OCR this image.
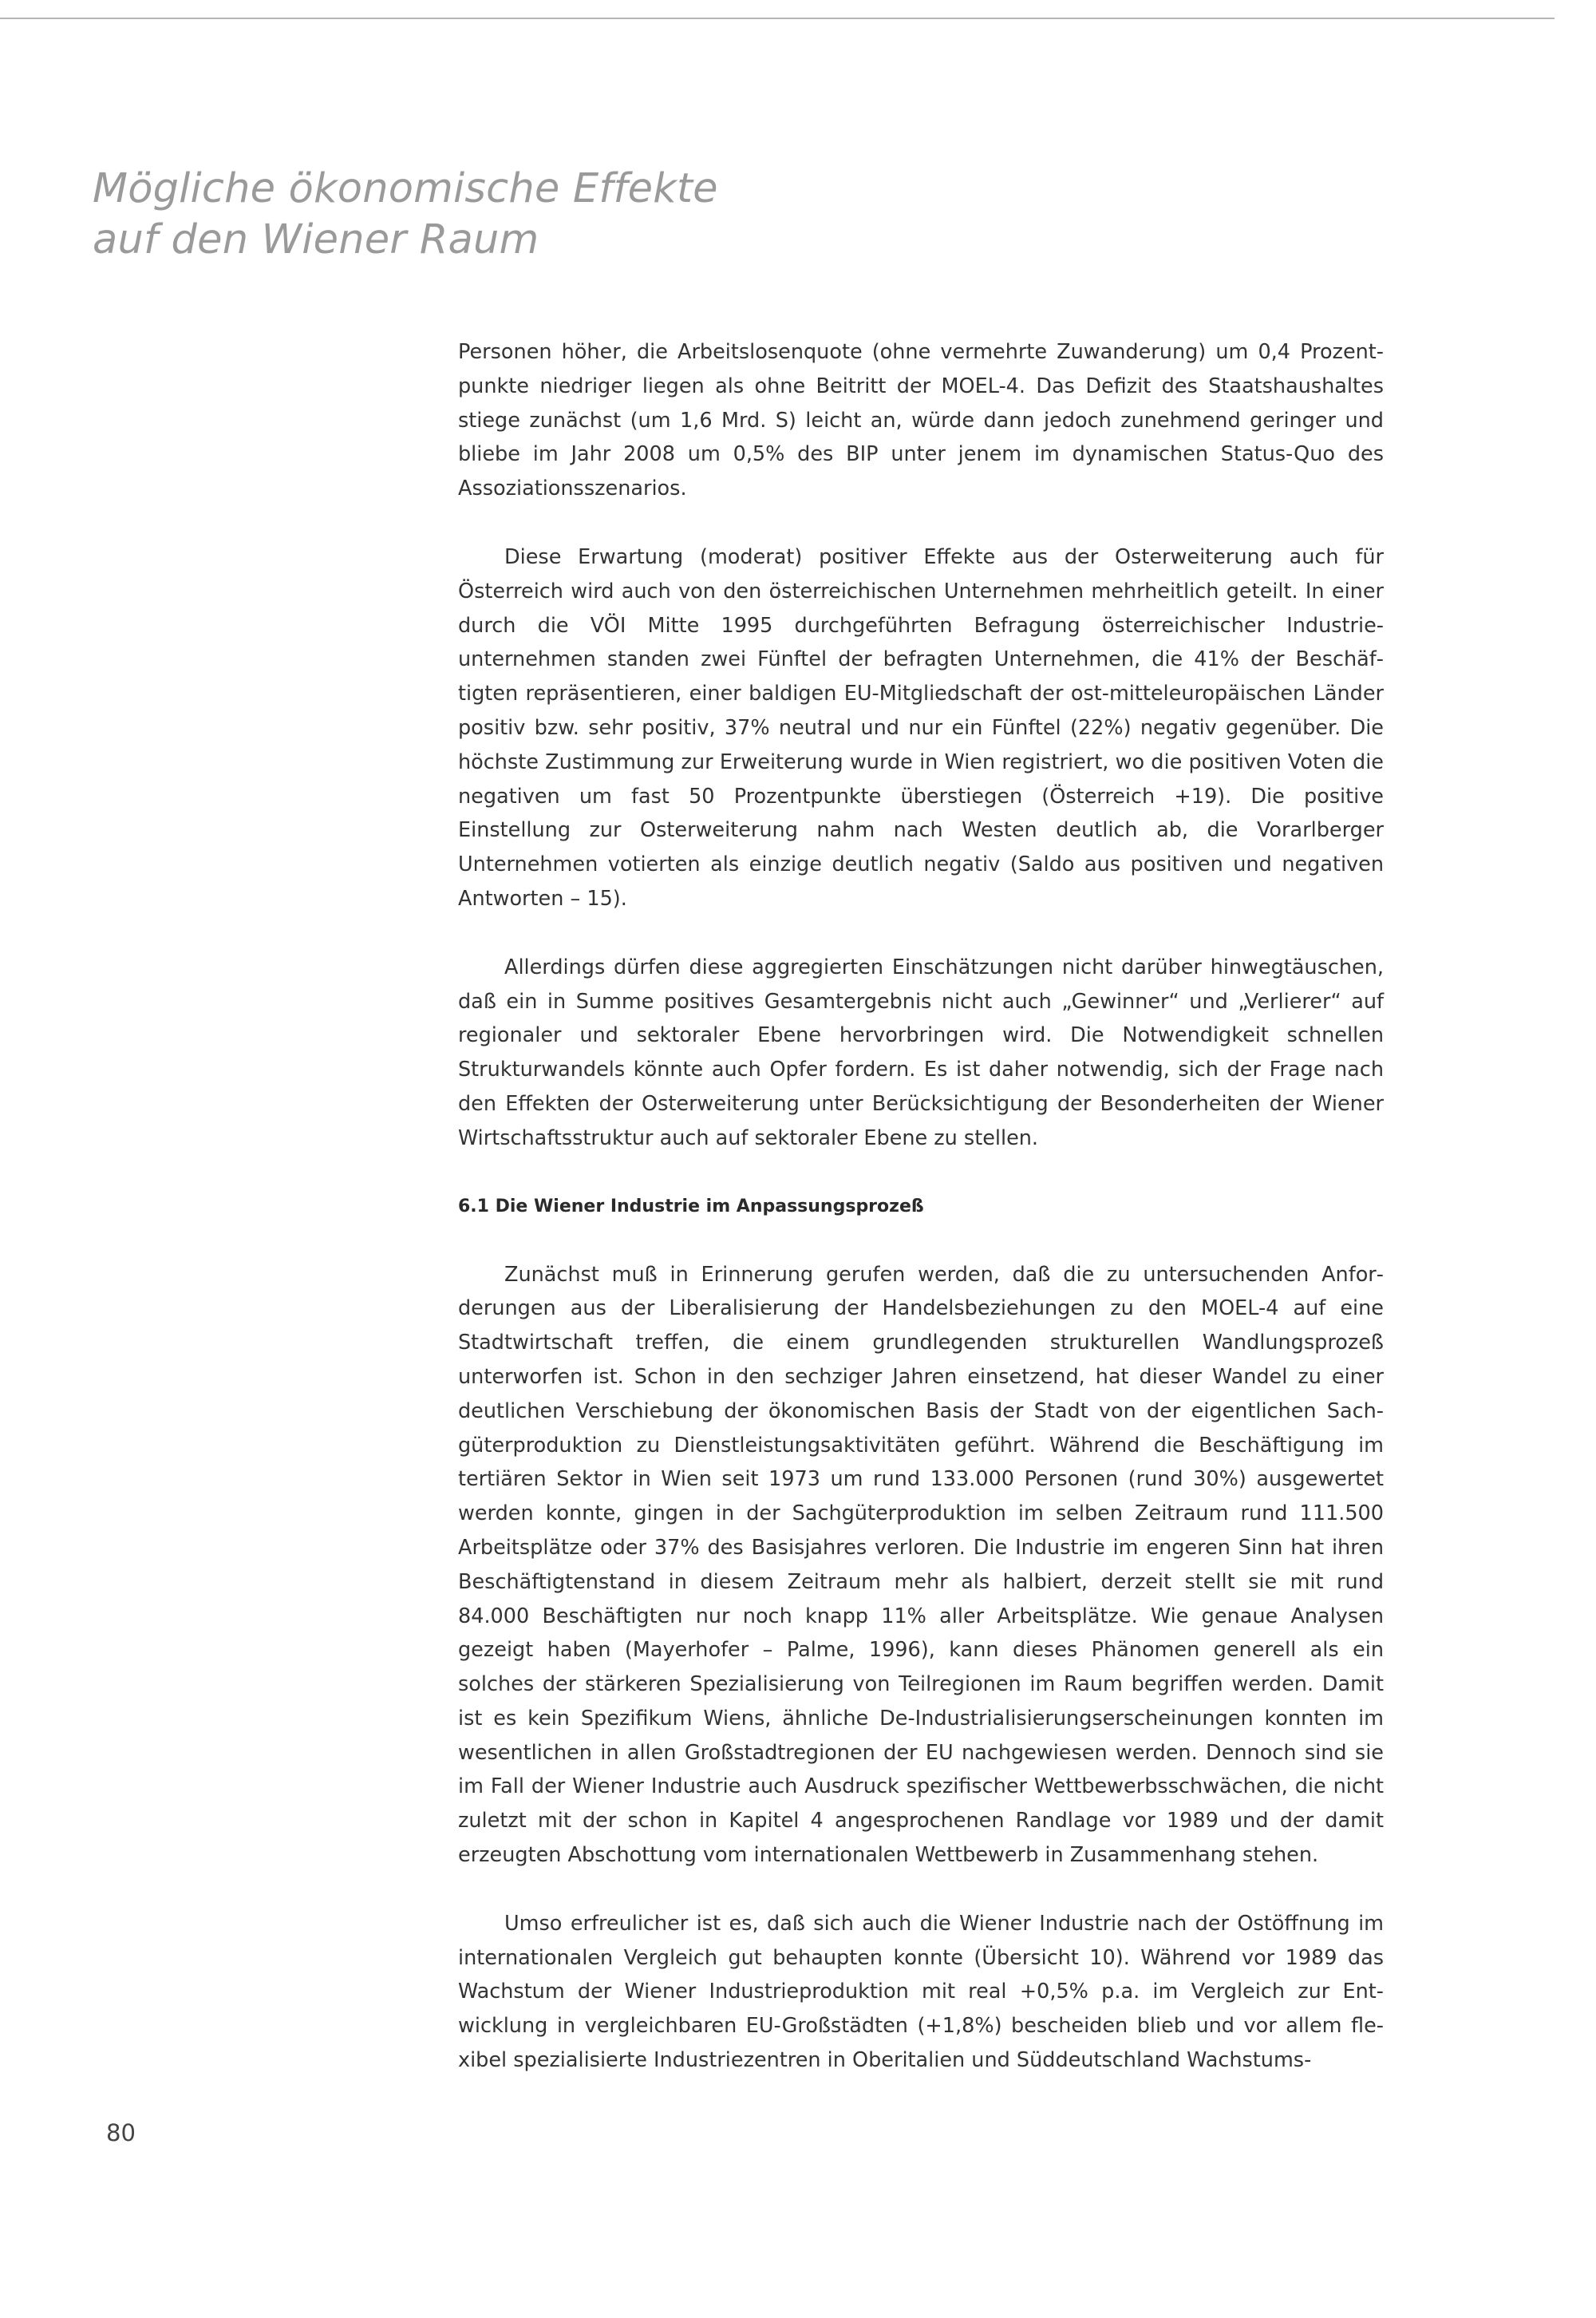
Mögliche ökonomische Effekte
auf den Wiener Raum

Personen höher, die Arbeitslosenquote (ohne vermehrte Zuwanderung) um 0,4 Prozentpunkte niedriger liegen als ohne Beitritt der MOEL-4. Das Defizit des Staatshaushaltes stiege zunächst (um 1,6 Mrd. S) leicht an, würde dann jedoch zunehmend geringer und bliebe im Jahr 2008 um 0,5% des BIP unter jenem im dynamischen Status-Quo des Assoziationsszenarios.

Diese Erwartung (moderat) positiver Effekte aus der Osterweiterung auch für Österreich wird auch von den österreichischen Unternehmen mehrheitlich geteilt. In einer durch die VÖI Mitte 1995 durchgeführten Befragung österreichischer Industrieunternehmen standen zwei Fünftel der befragten Unternehmen, die 41% der Beschäftigten repräsentieren, einer baldigen EU-Mitgliedschaft der ost-mitteleuropäischen Länder positiv bzw. sehr positiv, 37% neutral und nur ein Fünftel (22%) negativ gegenüber. Die höchste Zustimmung zur Erweiterung wurde in Wien registriert, wo die positiven Voten die negativen um fast 50 Prozentpunkte überstiegen (Österreich +19). Die positive Einstellung zur Osterweiterung nahm nach Westen deutlich ab, die Vorarlberger Unternehmen votierten als einzige deutlich negativ (Saldo aus positiven und negativen Antworten – 15).

Allerdings dürfen diese aggregierten Einschätzungen nicht darüber hinwegtäuschen, daß ein in Summe positives Gesamtergebnis nicht auch „Gewinner“ und „Verlierer“ auf regionaler und sektoraler Ebene hervorbringen wird. Die Notwendigkeit schnellen Strukturwandels könnte auch Opfer fordern. Es ist daher notwendig, sich der Frage nach den Effekten der Osterweiterung unter Berücksichtigung der Besonderheiten der Wiener Wirtschaftsstruktur auch auf sektoraler Ebene zu stellen.

6.1 Die Wiener Industrie im Anpassungsprozeß

Zunächst muß in Erinnerung gerufen werden, daß die zu untersuchenden Anforderungen aus der Liberalisierung der Handelsbeziehungen zu den MOEL-4 auf eine Stadtwirtschaft treffen, die einem grundlegenden strukturellen Wandlungsprozeß unterworfen ist. Schon in den sechziger Jahren einsetzend, hat dieser Wandel zu einer deutlichen Verschiebung der ökonomischen Basis der Stadt von der eigentlichen Sachgüterproduktion zu Dienstleistungsaktivitäten geführt. Während die Beschäftigung im tertiären Sektor in Wien seit 1973 um rund 133.000 Personen (rund 30%) ausgewertet werden konnte, gingen in der Sachgüterproduktion im selben Zeitraum rund 111.500 Arbeitsplätze oder 37% des Basisjahres verloren. Die Industrie im engeren Sinn hat ihren Beschäftigtenstand in diesem Zeitraum mehr als halbiert, derzeit stellt sie mit rund 84.000 Beschäftigten nur noch knapp 11% aller Arbeitsplätze. Wie genaue Analysen gezeigt haben (Mayerhofer – Palme, 1996), kann dieses Phänomen generell als ein solches der stärkeren Spezialisierung von Teilregionen im Raum begriffen werden. Damit ist es kein Spezifikum Wiens, ähnliche De-Industrialisierungserscheinungen konnten im wesentlichen in allen Großstadtregionen der EU nachgewiesen werden. Dennoch sind sie im Fall der Wiener Industrie auch Ausdruck spezifischer Wettbewerbsschwächen, die nicht zuletzt mit der schon in Kapitel 4 angesprochenen Randlage vor 1989 und der damit erzeugten Abschottung vom internationalen Wettbewerb in Zusammenhang stehen.

Umso erfreulicher ist es, daß sich auch die Wiener Industrie nach der Ostöffnung im internationalen Vergleich gut behaupten konnte (Übersicht 10). Während vor 1989 das Wachstum der Wiener Industrieproduktion mit real +0,5% p.a. im Vergleich zur Entwicklung in vergleichbaren EU-Großstädten (+1,8%) bescheiden blieb und vor allem flexibel spezialisierte Industriezentren in Oberitalien und Süddeutschland Wachstums-

80
